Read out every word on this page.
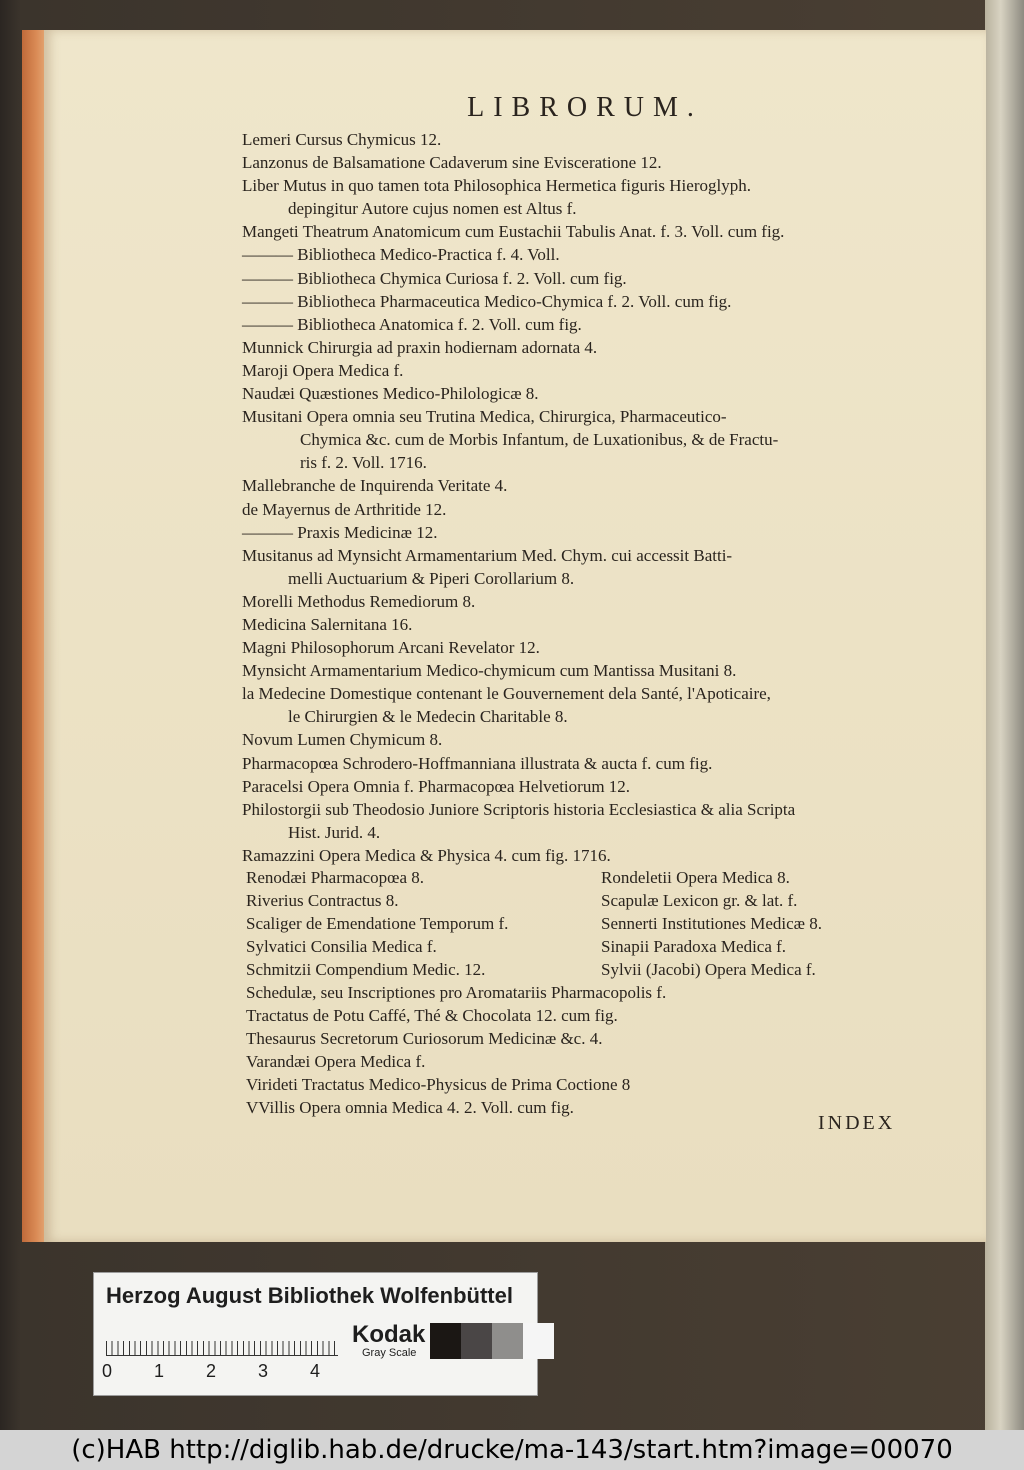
LIBRORUM.
Lemeri Cursus Chymicus 12.
Lanzonus de Balsamatione Cadaverum sine Evisceratione 12.
Liber Mutus in quo tamen tota Philosophica Hermetica figuris Hieroglyph.
depingitur Autore cujus nomen est Altus f.
Mangeti Theatrum Anatomicum cum Eustachii Tabulis Anat. f. 3. Voll. cum fig.
——— Bibliotheca Medico-Practica f. 4. Voll.
——— Bibliotheca Chymica Curiosa f. 2. Voll. cum fig.
——— Bibliotheca Pharmaceutica Medico-Chymica f. 2. Voll. cum fig.
——— Bibliotheca Anatomica f. 2. Voll. cum fig.
Munnick Chirurgia ad praxin hodiernam adornata 4.
Maroji Opera Medica f.
Naudæi Quæstiones Medico-Philologicæ 8.
Musitani Opera omnia seu Trutina Medica, Chirurgica, Pharmaceutico-
Chymica &c. cum de Morbis Infantum, de Luxationibus, & de Fractu-
ris f. 2. Voll. 1716.
Mallebranche de Inquirenda Veritate 4.
de Mayernus de Arthritide 12.
——— Praxis Medicinæ 12.
Musitanus ad Mynsicht Armamentarium Med. Chym. cui accessit Batti-
melli Auctuarium & Piperi Corollarium 8.
Morelli Methodus Remediorum 8.
Medicina Salernitana 16.
Magni Philosophorum Arcani Revelator 12.
Mynsicht Armamentarium Medico-chymicum cum Mantissa Musitani 8.
la Medecine Domestique contenant le Gouvernement dela Santé, l'Apoticaire,
le Chirurgien & le Medecin Charitable 8.
Novum Lumen Chymicum 8.
Pharmacopœa Schrodero-Hoffmanniana illustrata & aucta f. cum fig.
Paracelsi Opera Omnia f. Pharmacopœa Helvetiorum 12.
Philostorgii sub Theodosio Juniore Scriptoris historia Ecclesiastica & alia Scripta
Hist. Jurid. 4.
Ramazzini Opera Medica & Physica 4. cum fig. 1716.
Renodæi Pharmacopœa 8.	Rondeletii Opera Medica 8.
Riverius Contractus 8.	Scapulæ Lexicon gr. & lat. f.
Scaliger de Emendatione Temporum f.	Sennerti Institutiones Medicæ 8.
Sylvatici Consilia Medica f.	Sinapii Paradoxa Medica f.
Schmitzii Compendium Medic. 12.	Sylvii (Jacobi) Opera Medica f.
Schedulæ, seu Inscriptiones pro Aromatariis Pharmacopolis f.
Tractatus de Potu Caffé, Thé & Chocolata 12. cum fig.
Thesaurus Secretorum Curiosorum Medicinæ &c. 4.
Varandæi Opera Medica f.
Virideti Tractatus Medico-Physicus de Prima Coctione 8
VVillis Opera omnia Medica 4. 2. Voll. cum fig.
INDEX
Herzog August Bibliothek Wolfenbüttel
0	1	2	3	4
Kodak
Gray Scale
(c)HAB http://diglib.hab.de/drucke/ma-143/start.htm?image=00070
